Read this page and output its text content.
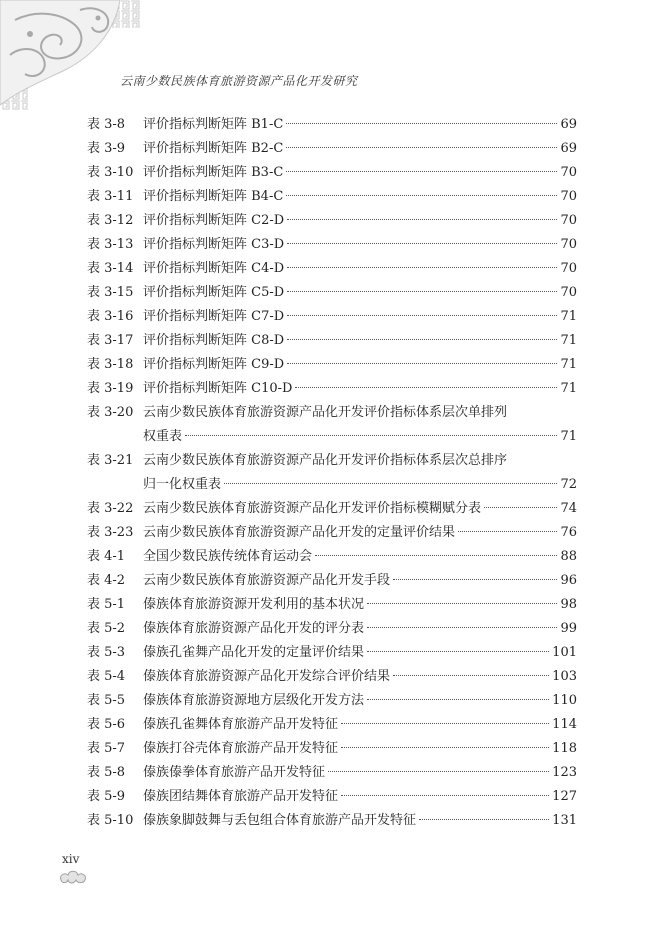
云南少数民族体育旅游资源产品化开发研究
表 3-8	评价指标判断矩阵 B1-C	69
表 3-9	评价指标判断矩阵 B2-C	69
表 3-10 评价指标判断矩阵 B3-C	70
表 3-11 评价指标判断矩阵 B4-C	70
表 3-12 评价指标判断矩阵 C2-D	70
表 3-13 评价指标判断矩阵 C3-D	70
表 3-14 评价指标判断矩阵 C4-D	70
表 3-15 评价指标判断矩阵 C5-D	70
表 3-16 评价指标判断矩阵 C7-D	71
表 3-17 评价指标判断矩阵 C8-D	71
表 3-18 评价指标判断矩阵 C9-D	71
表 3-19 评价指标判断矩阵 C10-D	71
表 3-20 云南少数民族体育旅游资源产品化开发评价指标体系层次单排列
权重表	71
表 3-21 云南少数民族体育旅游资源产品化开发评价指标体系层次总排序
归一化权重表	72
表 3-22 云南少数民族体育旅游资源产品化开发评价指标模糊赋分表	74
表 3-23 云南少数民族体育旅游资源产品化开发的定量评价结果	76
表 4-1	全国少数民族传统体育运动会	88
表 4-2	云南少数民族体育旅游资源产品化开发手段	96
表 5-1	傣族体育旅游资源开发利用的基本状况	98
表 5-2	傣族体育旅游资源产品化开发的评分表	99
表 5-3	傣族孔雀舞产品化开发的定量评价结果	101
表 5-4	傣族体育旅游资源产品化开发综合评价结果	103
表 5-5	傣族体育旅游资源地方层级化开发方法	110
表 5-6	傣族孔雀舞体育旅游产品开发特征	114
表 5-7	傣族打谷壳体育旅游产品开发特征	118
表 5-8	傣族傣拳体育旅游产品开发特征	123
表 5-9	傣族团结舞体育旅游产品开发特征	127
表 5-10 傣族象脚鼓舞与丢包组合体育旅游产品开发特征	131
xiv
